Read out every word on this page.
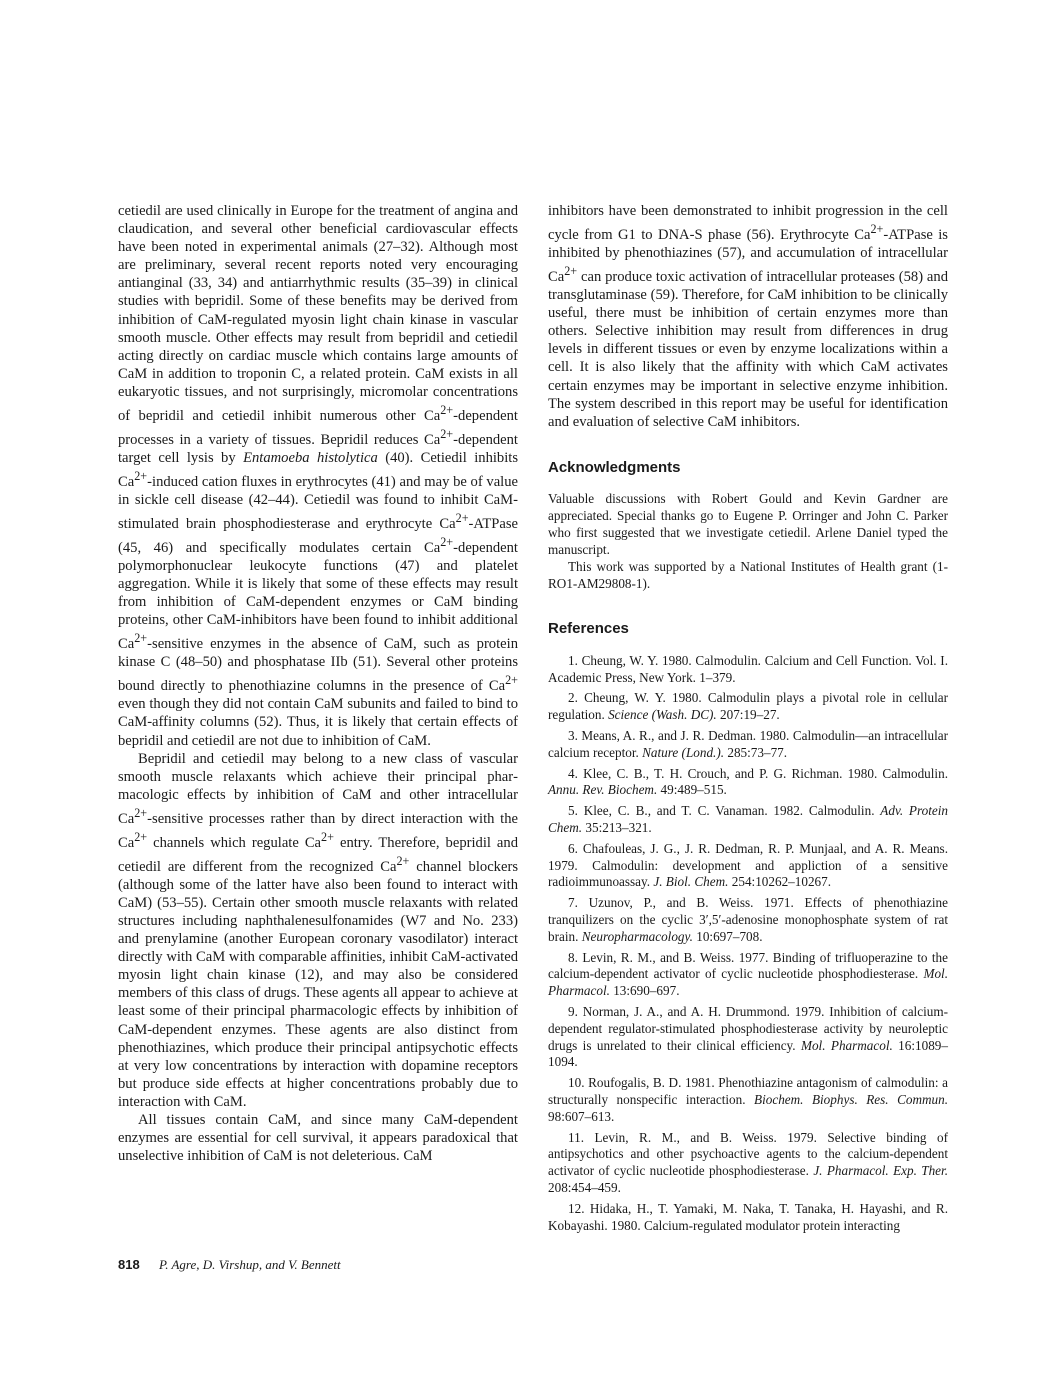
cetiedil are used clinically in Europe for the treatment of angina and claudication, and several other beneficial cardiovascular effects have been noted in experimental animals (27–32). Although most are preliminary, several recent reports noted very encouraging antianginal (33, 34) and antiarrhythmic results (35–39) in clinical studies with bepridil. Some of these benefits may be derived from inhibition of CaM-regulated myosin light chain kinase in vascular smooth muscle. Other effects may result from bepridil and cetiedil acting directly on cardiac muscle which contains large amounts of CaM in addition to troponin C, a related protein. CaM exists in all eukaryotic tissues, and not surprisingly, micromolar concentrations of bepridil and cetiedil inhibit numerous other $Ca^{2+}$-dependent processes in a variety of tissues. Bepridil reduces $Ca^{2+}$-dependent target cell lysis by Entamoeba histolytica (40). Cetiedil inhibits $Ca^{2+}$-induced cation fluxes in erythrocytes (41) and may be of value in sickle cell disease (42–44). Cetiedil was found to inhibit CaM-stimulated brain phosphodiesterase and erythrocyte $Ca^{2+}$-ATPase (45, 46) and specifically modulates certain $Ca^{2+}$-dependent polymorphonuclear leukocyte functions (47) and platelet aggregation. While it is likely that some of these effects may result from inhibition of CaM-dependent enzymes or CaM binding proteins, other CaM-inhibitors have been found to inhibit additional $Ca^{2+}$-sensitive enzymes in the absence of CaM, such as protein kinase C (48–50) and phosphatase IIb (51). Several other proteins bound directly to phenothiazine columns in the presence of $Ca^{2+}$ even though they did not contain CaM subunits and failed to bind to CaM-affinity columns (52). Thus, it is likely that certain effects of bepridil and cetiedil are not due to inhibition of CaM.

Bepridil and cetiedil may belong to a new class of vascular smooth muscle relaxants which achieve their principal pharmacologic effects by inhibition of CaM and other intracellular $Ca^{2+}$-sensitive processes rather than by direct interaction with the $Ca^{2+}$ channels which regulate $Ca^{2+}$ entry. Therefore, bepridil and cetiedil are different from the recognized $Ca^{2+}$ channel blockers (although some of the latter have also been found to interact with CaM) (53–55). Certain other smooth muscle relaxants with related structures including naphthalenesulfonamides (W7 and No. 233) and prenylamine (another European coronary vasodilator) interact directly with CaM with comparable affinities, inhibit CaM-activated myosin light chain kinase (12), and may also be considered members of this class of drugs. These agents all appear to achieve at least some of their principal pharmacologic effects by inhibition of CaM-dependent enzymes. These agents are also distinct from phenothiazines, which produce their principal antipsychotic effects at very low concentrations by interaction with dopamine receptors but produce side effects at higher concentrations probably due to interaction with CaM.

All tissues contain CaM, and since many CaM-dependent enzymes are essential for cell survival, it appears paradoxical that unselective inhibition of CaM is not deleterious. CaM

inhibitors have been demonstrated to inhibit progression in the cell cycle from G1 to DNA-S phase (56). Erythrocyte $Ca^{2+}$-ATPase is inhibited by phenothiazines (57), and accumulation of intracellular $Ca^{2+}$ can produce toxic activation of intracellular proteases (58) and transglutaminase (59). Therefore, for CaM inhibition to be clinically useful, there must be inhibition of certain enzymes more than others. Selective inhibition may result from differences in drug levels in different tissues or even by enzyme localizations within a cell. It is also likely that the affinity with which CaM activates certain enzymes may be important in selective enzyme inhibition. The system described in this report may be useful for identification and evaluation of selective CaM inhibitors.

Acknowledgments

Valuable discussions with Robert Gould and Kevin Gardner are appreciated. Special thanks go to Eugene P. Orringer and John C. Parker who first suggested that we investigate cetiedil. Arlene Daniel typed the manuscript.

This work was supported by a National Institutes of Health grant (1-RO1-AM29808-1).

References
1. Cheung, W. Y. 1980. Calmodulin. Calcium and Cell Function. Vol. I. Academic Press, New York. 1–379.
2. Cheung, W. Y. 1980. Calmodulin plays a pivotal role in cellular regulation. Science (Wash. DC). 207:19–27.
3. Means, A. R., and J. R. Dedman. 1980. Calmodulin—an intracellular calcium receptor. Nature (Lond.). 285:73–77.
4. Klee, C. B., T. H. Crouch, and P. G. Richman. 1980. Calmodulin. Annu. Rev. Biochem. 49:489–515.
5. Klee, C. B., and T. C. Vanaman. 1982. Calmodulin. Adv. Protein Chem. 35:213–321.
6. Chafouleas, J. G., J. R. Dedman, R. P. Munjaal, and A. R. Means. 1979. Calmodulin: development and appliction of a sensitive radioimmunoassay. J. Biol. Chem. 254:10262–10267.
7. Uzunov, P., and B. Weiss. 1971. Effects of phenothiazine tranquilizers on the cyclic 3′,5′-adenosine monophosphate system of rat brain. Neuropharmacology. 10:697–708.
8. Levin, R. M., and B. Weiss. 1977. Binding of trifluoperazine to the calcium-dependent activator of cyclic nucleotide phosphodiesterase. Mol. Pharmacol. 13:690–697.
9. Norman, J. A., and A. H. Drummond. 1979. Inhibition of calcium-dependent regulator-stimulated phosphodiesterase activity by neuroleptic drugs is unrelated to their clinical efficiency. Mol. Pharmacol. 16:1089–1094.
10. Roufogalis, B. D. 1981. Phenothiazine antagonism of calmodulin: a structurally nonspecific interaction. Biochem. Biophys. Res. Commun. 98:607–613.
11. Levin, R. M., and B. Weiss. 1979. Selective binding of antipsychotics and other psychoactive agents to the calcium-dependent activator of cyclic nucleotide phosphodiesterase. J. Pharmacol. Exp. Ther. 208:454–459.
12. Hidaka, H., T. Yamaki, M. Naka, T. Tanaka, H. Hayashi, and R. Kobayashi. 1980. Calcium-regulated modulator protein interacting
818 P. Agre, D. Virshup, and V. Bennett
